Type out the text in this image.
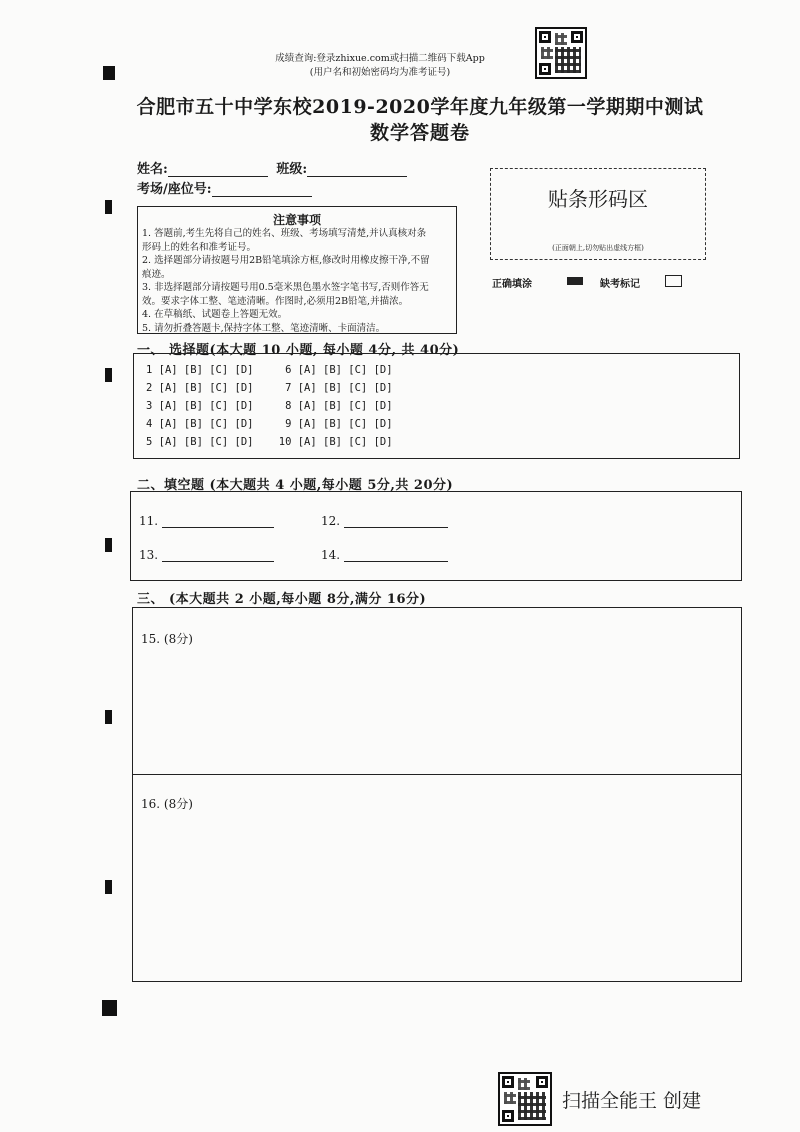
成绩查询:登录zhixue.com或扫描二维码下载App
(用户名和初始密码均为准考证号)
合肥市五十中学东校2019-2020学年度九年级第一学期期中测试
数学答题卷
姓名:	班级:
考场/座位号:	贴条形码区
(正面朝上,切勿贴出虚线方框)
正确填涂	缺考标记
注意事项
1. 答题前,考生先将自己的姓名、班级、考场填写清楚,并认真核对条
形码上的姓名和准考证号。
2. 选择题部分请按题号用2B铅笔填涂方框,修改时用橡皮擦干净,不留
痕迹。
3. 非选择题部分请按题号用0.5毫米黑色墨水签字笔书写,否则作答无
效。要求字体工整、笔迹清晰。作图时,必须用2B铅笔,并描浓。
4. 在草稿纸、试题卷上答题无效。
5. 请勿折叠答题卡,保持字体工整、笔迹清晰、卡面清洁。
一、 选择题(本大题 10 小题, 每小题 4分, 共 40分)
1 [A] [B] [C] [D]     6 [A] [B] [C] [D]
2 [A] [B] [C] [D]     7 [A] [B] [C] [D]
3 [A] [B] [C] [D]     8 [A] [B] [C] [D]
4 [A] [B] [C] [D]     9 [A] [B] [C] [D]
5 [A] [B] [C] [D]    10 [A] [B] [C] [D]
二、填空题 (本大题共 4 小题,每小题 5分,共 20分)
11.	12.
13.	14.
三、 (本大题共 2 小题,每小题 8分,满分 16分)
15. (8分)
16. (8分)
扫描全能王 创建
